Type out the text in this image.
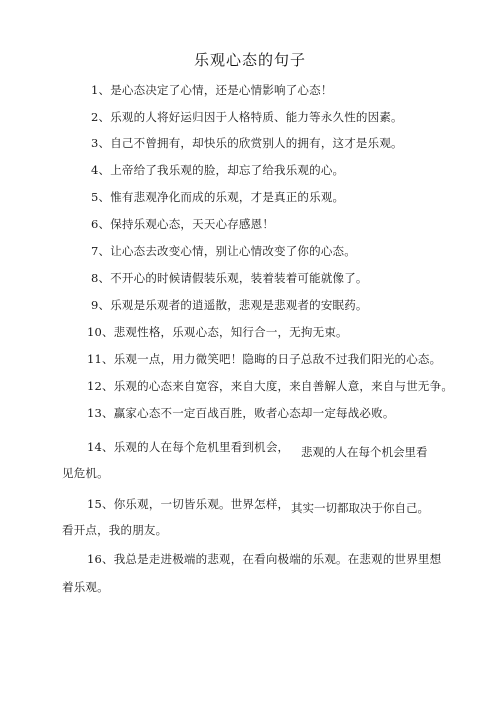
乐观心态的句子
1、是心态决定了心情，还是心情影响了心态！
2、乐观的人将好运归因于人格特质、能力等永久性的因素。
3、自己不曾拥有，却快乐的欣赏别人的拥有，这才是乐观。
4、上帝给了我乐观的脸，却忘了给我乐观的心。
5、惟有悲观净化而成的乐观，才是真正的乐观。
6、保持乐观心态，天天心存感恩！
7、让心态去改变心情，别让心情改变了你的心态。
8、不开心的时候请假装乐观，装着装着可能就像了。
9、乐观是乐观者的逍遥散，悲观是悲观者的安眠药。
10、悲观性格，乐观心态，知行合一，无拘无束。
11、乐观一点，用力微笑吧！隐晦的日子总敌不过我们阳光的心态。
12、乐观的心态来自宽容，来自大度，来自善解人意，来自与世无争。
13、赢家心态不一定百战百胜，败者心态却一定每战必败。
14、乐观的人在每个危机里看到机会， 悲观的人在每个机会里看
见危机。
15、你乐观，一切皆乐观。世界怎样， 其实一切都取决于你自己。
看开点，我的朋友。
16、我总是走进极端的悲观，在看向极端的乐观。在悲观的世界里想
着乐观。
